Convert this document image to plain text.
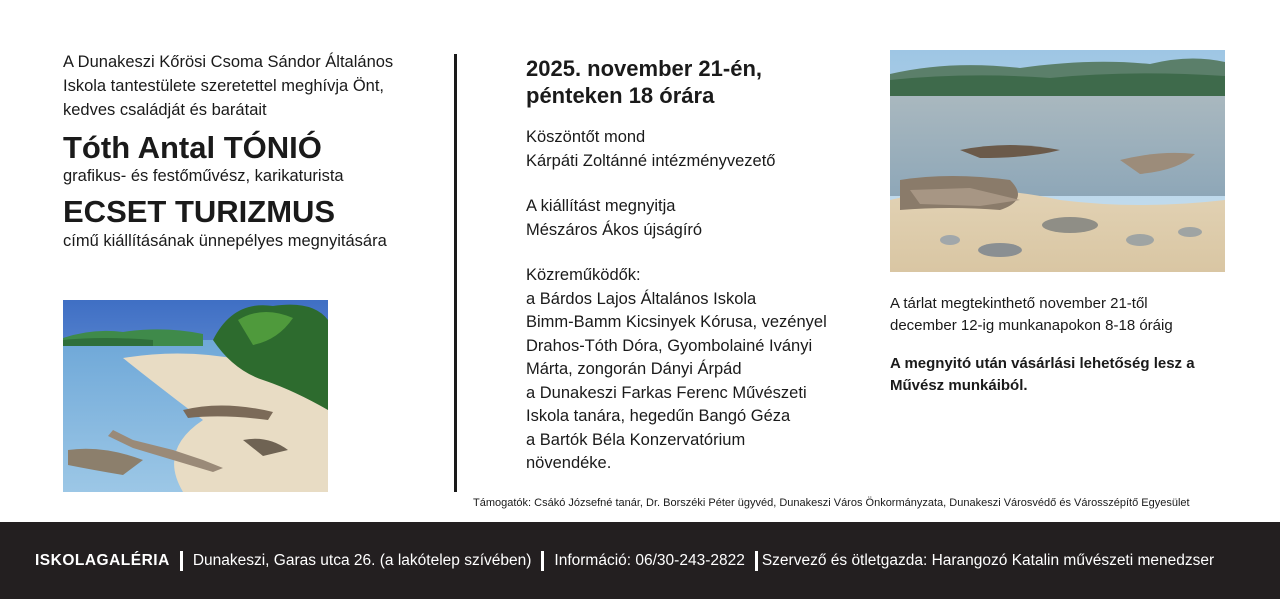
A Dunakeszi Kőrösi Csoma Sándor Általános
Iskola tantestülete szeretettel meghívja Önt,
kedves családját és barátait
Tóth Antal TÓNIÓ
grafikus- és festőművész, karikaturista
ECSET TURIZMUS
című kiállításának ünnepélyes megnyitására
2025. november 21-én,
pénteken 18 órára
Köszöntőt mond
Kárpáti Zoltánné intézményvezető
A kiállítást megnyitja
Mészáros Ákos újságíró
Közreműködők:
a Bárdos Lajos Általános Iskola
Bimm-Bamm Kicsinyek Kórusa, vezényel
Drahos-Tóth Dóra, Gyombolainé Iványi
Márta, zongorán Dányi Árpád
a Dunakeszi Farkas Ferenc Művészeti
Iskola tanára, hegedűn Bangó Géza
a Bartók Béla Konzervatórium
növendéke.
A tárlat megtekinthető november 21-től
december 12-ig munkanapokon 8-18 óráig
A megnyitó után vásárlási lehetőség lesz a
Művész munkáiból.
Támogatók: Csákó Józsefné tanár, Dr. Borszéki Péter ügyvéd, Dunakeszi Város Önkormányzata, Dunakeszi Városvédő és Városszépítő Egyesület
ISKOLAGALÉRIA Dunakeszi, Garas utca 26. (a lakótelep szívében) Információ: 06/30-243-2822 Szervező és ötletgazda: Harangozó Katalin művészeti menedzser
